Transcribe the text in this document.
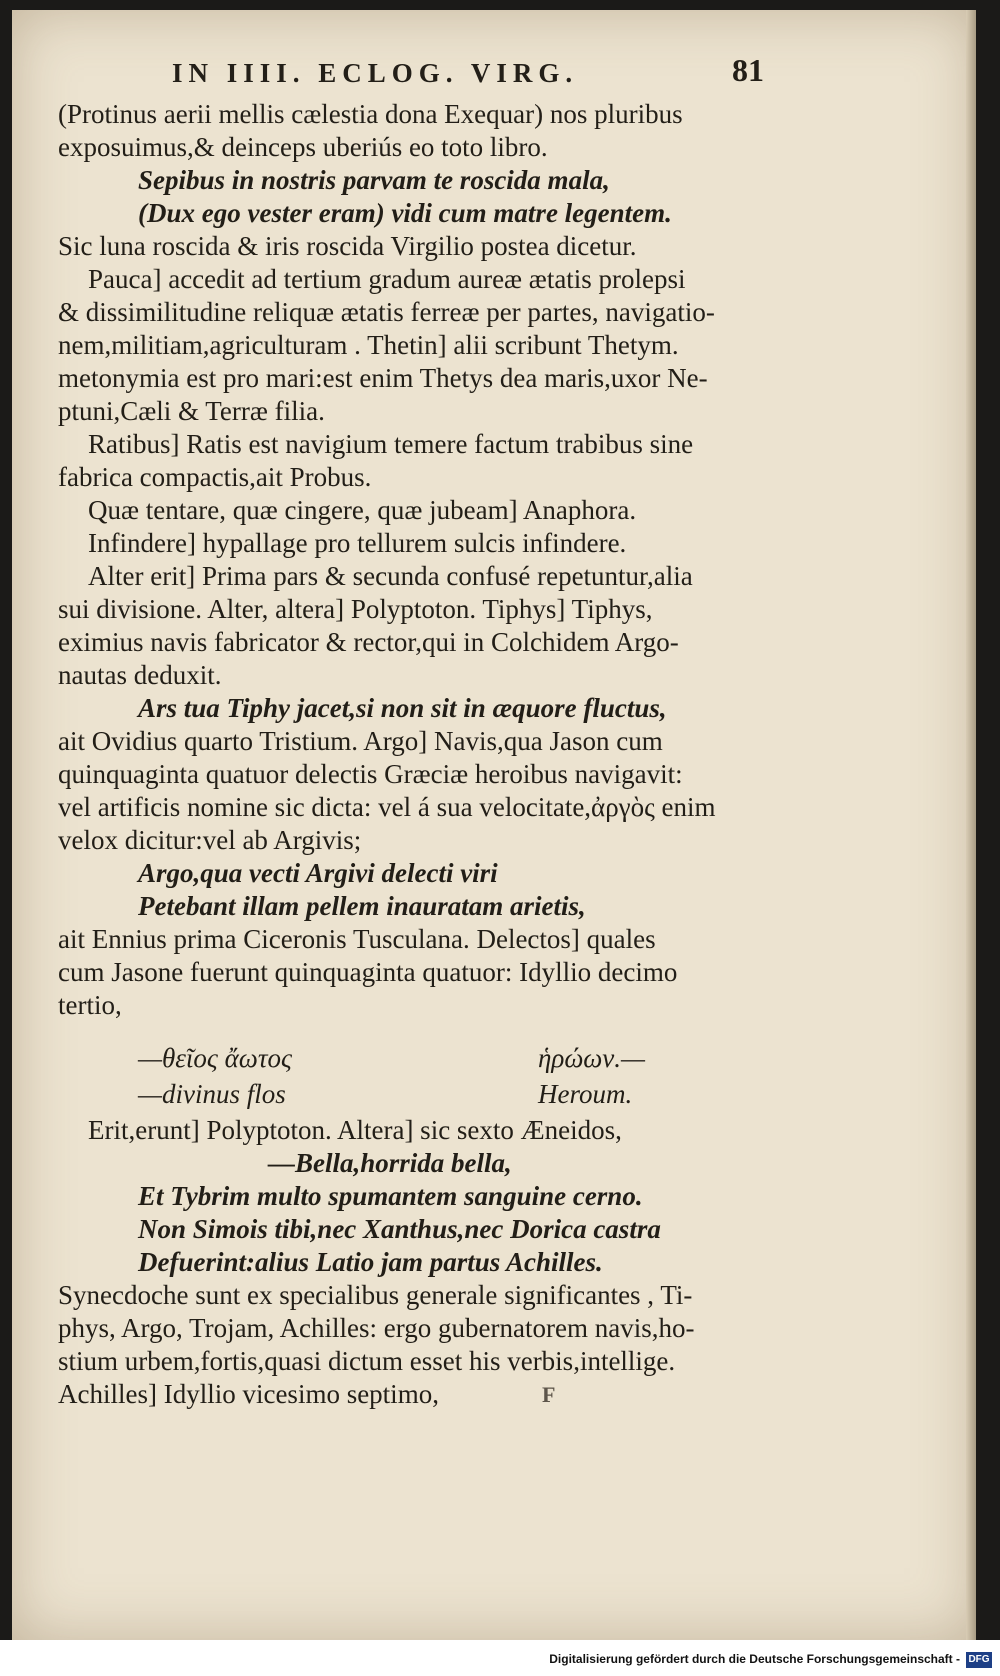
IN IIII. ECLOG. VIRG.	81
(Protinus aerii mellis cælestia dona Exequar) nos pluribus
exposuimus,& deinceps uberiús eo toto libro.
Sepibus in nostris parvam te roscida mala,
(Dux ego vester eram) vidi cum matre legentem.
Sic luna roscida & iris roscida Virgilio postea dicetur.
Pauca] accedit ad tertium gradum aureæ ætatis prolepsi
& dissimilitudine reliquæ ætatis ferreæ per partes, navigatio-
nem,militiam,agriculturam . Thetin] alii scribunt Thetym.
metonymia est pro mari:est enim Thetys dea maris,uxor Ne-
ptuni,Cæli & Terræ filia.
Ratibus] Ratis est navigium temere factum trabibus sine
fabrica compactis,ait Probus.
Quæ tentare, quæ cingere, quæ jubeam] Anaphora.
Infindere] hypallage pro tellurem sulcis infindere.
Alter erit] Prima pars & secunda confusé repetuntur,alia
sui divisione. Alter, altera] Polyptoton. Tiphys] Tiphys,
eximius navis fabricator & rector,qui in Colchidem Argo-
nautas deduxit.
Ars tua Tiphy jacet,si non sit in æquore fluctus,
ait Ovidius quarto Tristium. Argo] Navis,qua Jason cum
quinquaginta quatuor delectis Græciæ heroibus navigavit:
vel artificis nomine sic dicta: vel á sua velocitate,ἀργὸς enim
velox dicitur:vel ab Argivis;
Argo,qua vecti Argivi delecti viri
Petebant illam pellem inauratam arietis,
ait Ennius prima Ciceronis Tusculana. Delectos] quales
cum Jasone fuerunt quinquaginta quatuor: Idyllio decimo
tertio,
—θεῖος ἄωτος	ἡρώων.—
—divinus flos	Heroum.
Erit,erunt] Polyptoton. Altera] sic sexto Æneidos,
—Bella,horrida bella,
Et Tybrim multo spumantem sanguine cerno.
Non Simois tibi,nec Xanthus,nec Dorica castra
Defuerint:alius Latio jam partus Achilles.
Synecdoche sunt ex specialibus generale significantes , Ti-
phys, Argo, Trojam, Achilles: ergo gubernatorem navis,ho-
stium urbem,fortis,quasi dictum esset his verbis,intellige.
Achilles] Idyllio vicesimo septimo,	F
Digitalisierung gefördert durch die Deutsche Forschungsgemeinschaft - DFG
